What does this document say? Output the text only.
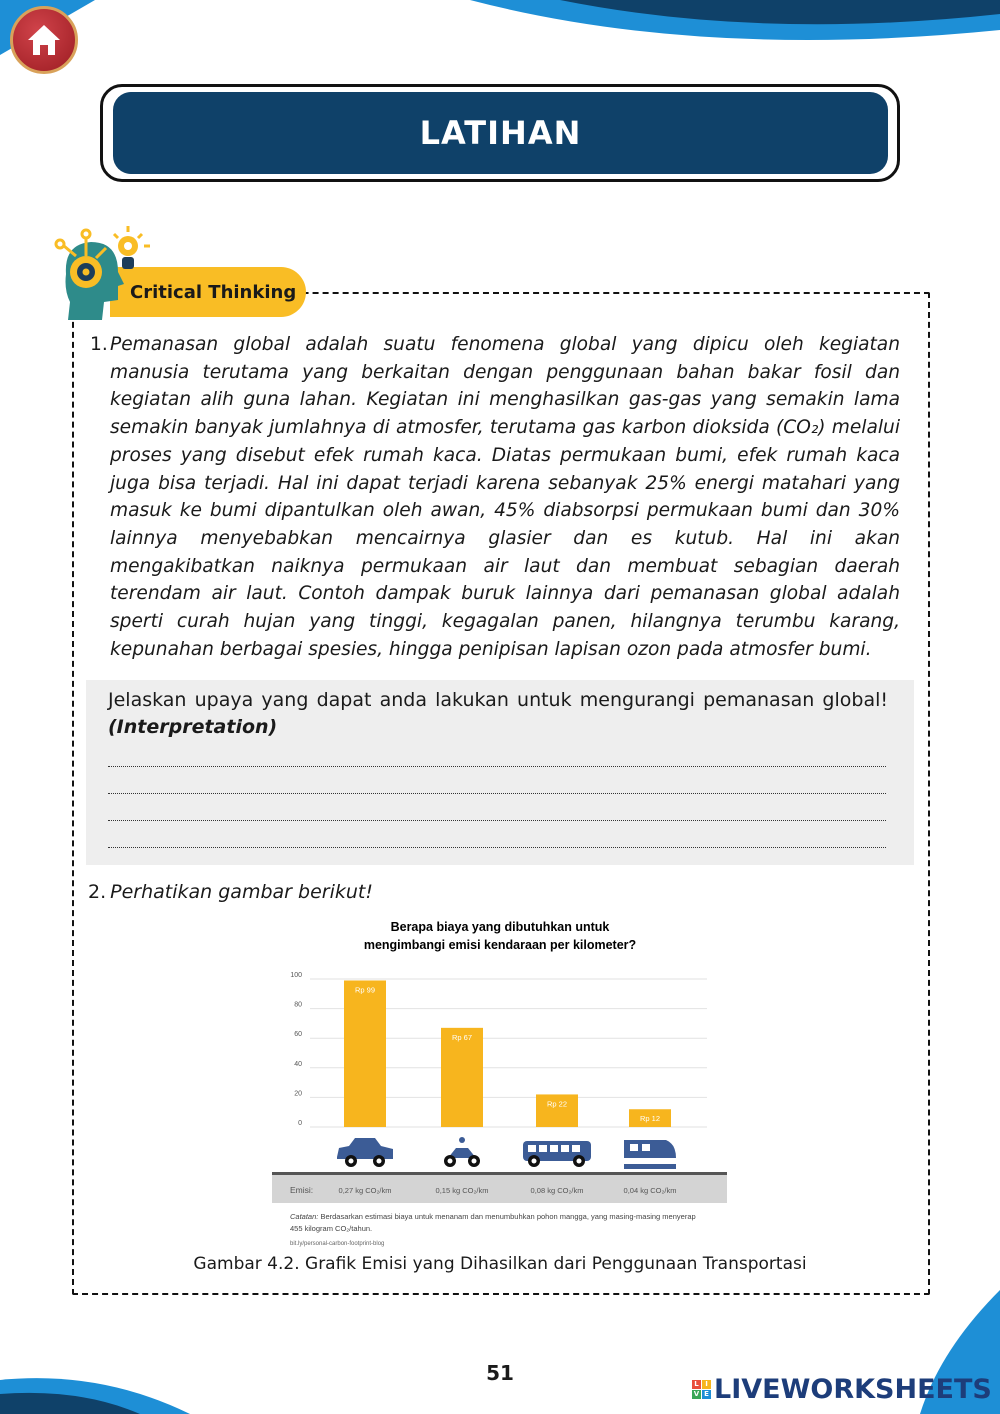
LATIHAN
Critical Thinking
1. Pemanasan global adalah suatu fenomena global yang dipicu oleh kegiatan manusia terutama yang berkaitan dengan penggunaan bahan bakar fosil dan kegiatan alih guna lahan. Kegiatan ini menghasilkan gas-gas yang semakin lama semakin banyak jumlahnya di atmosfer, terutama gas karbon dioksida (CO₂) melalui proses yang disebut efek rumah kaca. Diatas permukaan bumi, efek rumah kaca juga bisa terjadi. Hal ini dapat terjadi karena sebanyak 25% energi matahari yang masuk ke bumi dipantulkan oleh awan, 45% diabsorpsi permukaan bumi dan 30% lainnya menyebabkan mencairnya glasier dan es kutub. Hal ini akan mengakibatkan naiknya permukaan air laut dan membuat sebagian daerah terendam air laut. Contoh dampak buruk lainnya dari pemanasan global adalah sperti curah hujan yang tinggi, kegagalan panen, hilangnya terumbu karang, kepunahan berbagai spesies, hingga penipisan lapisan ozon pada atmosfer bumi.
Jelaskan upaya yang dapat anda lakukan untuk mengurangi pemanasan global!
(Interpretation)
2. Perhatikan gambar berikut!
Berapa biaya yang dibutuhkan untuk
mengimbangi emisi kendaraan per kilometer?
0
20
40
60
80
100
Rp 99
Rp 67
Rp 22
Rp 12
Emisi:	0,27 kg CO₂/km	0,15 kg CO₂/km	0,08 kg CO₂/km	0,04 kg CO₂/km
Catatan: Berdasarkan estimasi biaya untuk menanam dan menumbuhkan pohon mangga, yang masing-masing menyerap
455 kilogram CO₂/tahun.
bit.ly/personal-carbon-footprint-blog
Gambar 4.2. Grafik Emisi yang Dihasilkan dari Penggunaan Transportasi
51	L I
V E LIVEWORKSHEETS
